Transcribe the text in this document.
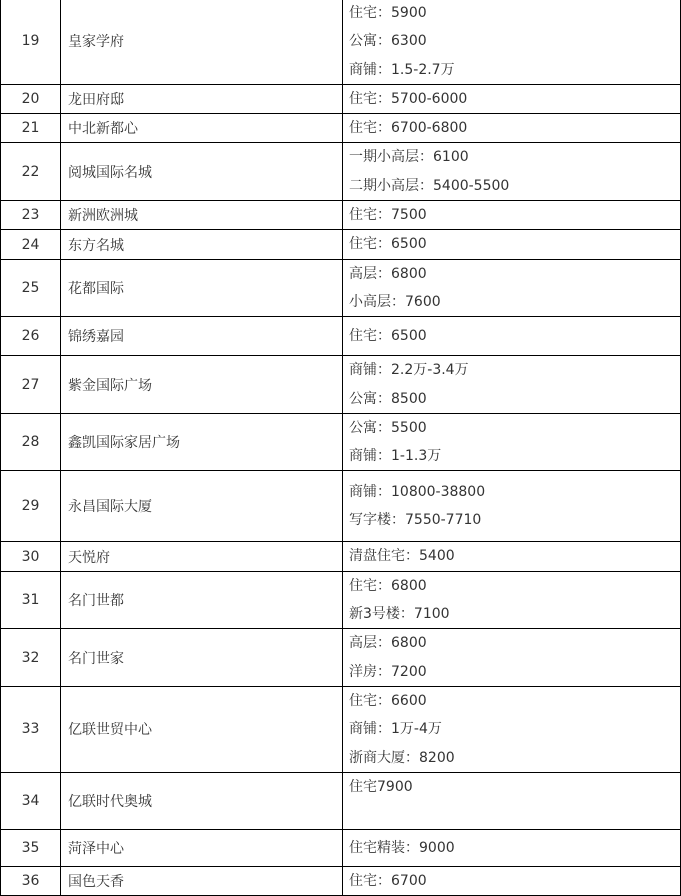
19	皇家学府	住宅：5900
公寓：6300
商铺：1.5-2.7万

20	龙田府邸	住宅：5700-6000

21	中北新都心	住宅：6700-6800

22	阅城国际名城	一期小高层：6100
二期小高层：5400-5500

23	新洲欧洲城	住宅：7500

24	东方名城	住宅：6500

25	花都国际	高层：6800
小高层：7600

26	锦绣嘉园	住宅：6500

27	紫金国际广场	商铺：2.2万-3.4万
公寓：8500

28	鑫凯国际家居广场	公寓：5500
商铺：1-1.3万

29	永昌国际大厦	商铺：10800-38800
写字楼：7550-7710

30	天悦府	清盘住宅：5400

31	名门世都	住宅：6800
新3号楼：7100

32	名门世家	高层：6800
洋房：7200

33	亿联世贸中心	住宅：6600
商铺：1万-4万
浙商大厦：8200

34	亿联时代奥城	住宅7900

35	菏泽中心	住宅精装：9000

36	国色天香	住宅：6700
